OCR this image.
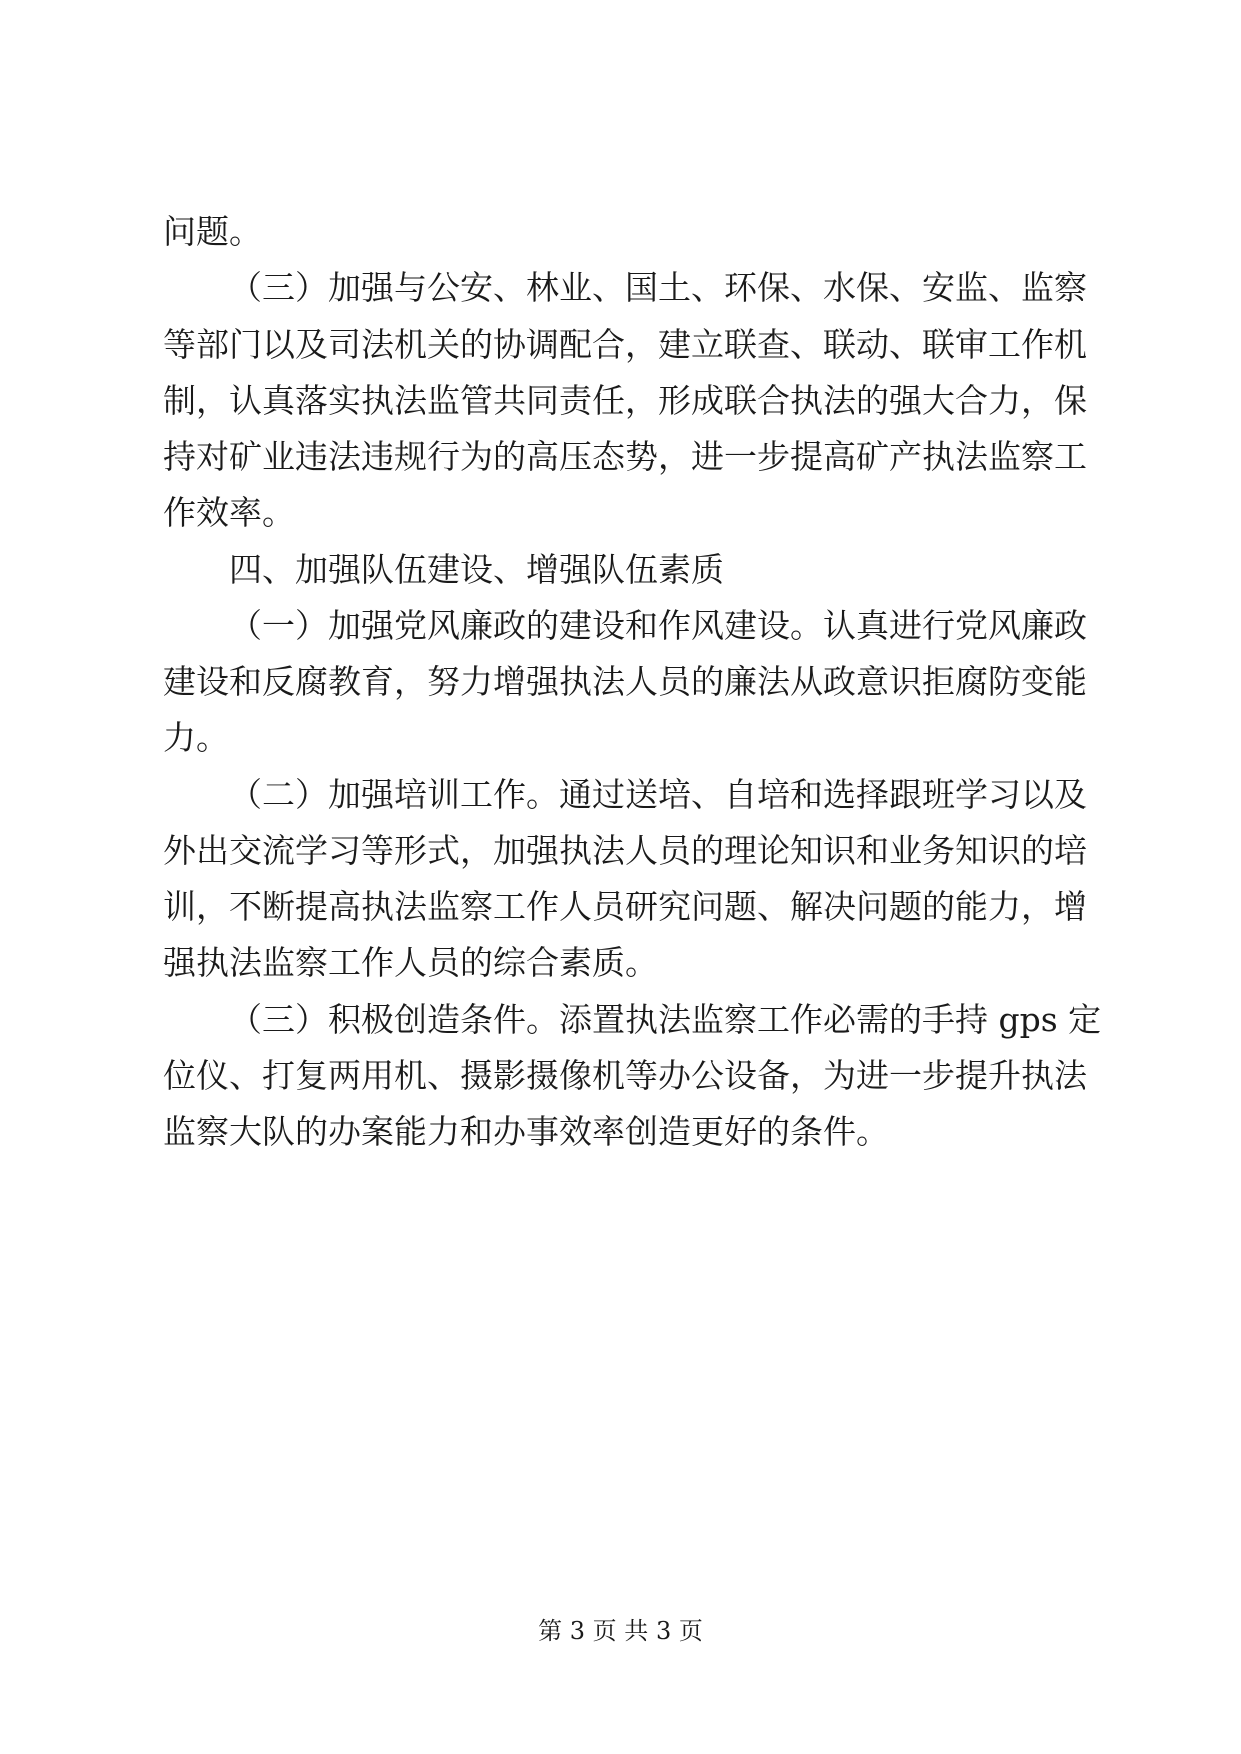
问题。
（三）加强与公安、林业、国土、环保、水保、安监、监察
等部门以及司法机关的协调配合，建立联查、联动、联审工作机
制，认真落实执法监管共同责任，形成联合执法的强大合力，保
持对矿业违法违规行为的高压态势，进一步提高矿产执法监察工
作效率。
四、加强队伍建设、增强队伍素质
（一）加强党风廉政的建设和作风建设。认真进行党风廉政
建设和反腐教育，努力增强执法人员的廉法从政意识拒腐防变能
力。
（二）加强培训工作。通过送培、自培和选择跟班学习以及
外出交流学习等形式，加强执法人员的理论知识和业务知识的培
训，不断提高执法监察工作人员研究问题、解决问题的能力，增
强执法监察工作人员的综合素质。
（三）积极创造条件。添置执法监察工作必需的手持 gps 定
位仪、打复两用机、摄影摄像机等办公设备，为进一步提升执法
监察大队的办案能力和办事效率创造更好的条件。
第 3 页 共 3 页
